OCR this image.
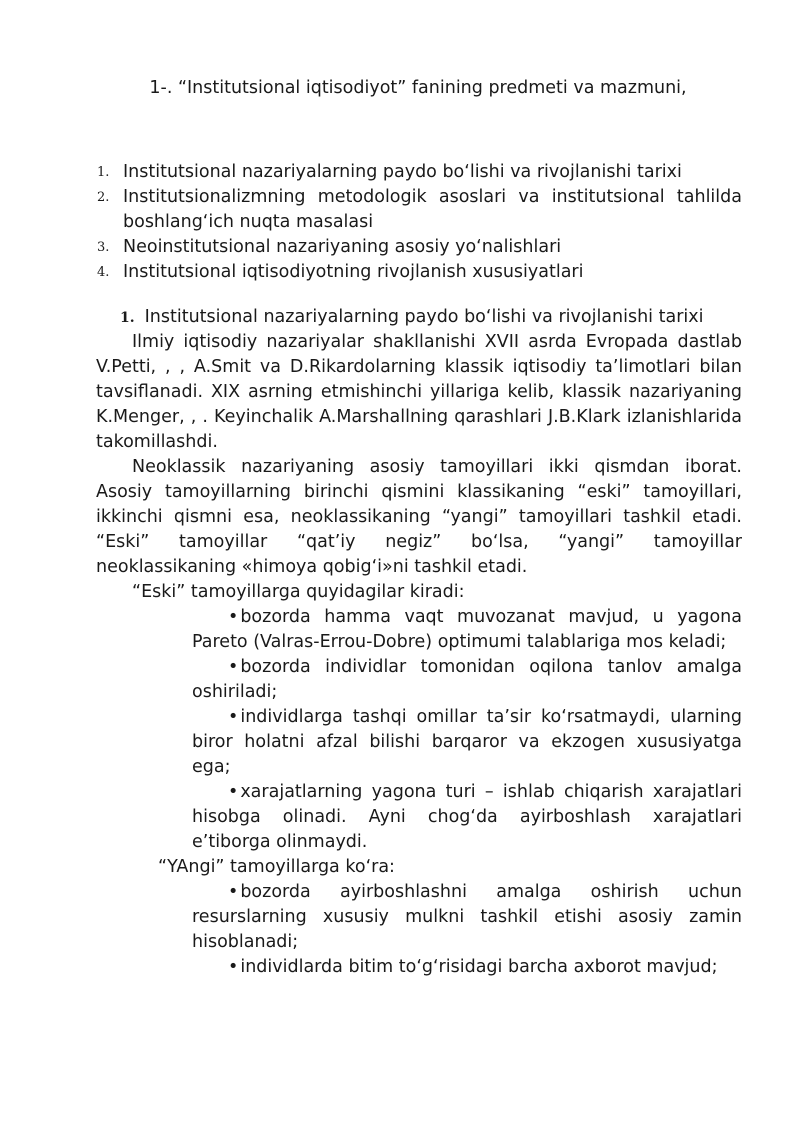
1-. “Institutsional iqtisodiyot” fanining predmeti va mazmuni,
1. Institutsional nazariyalarning paydo bo‘lishi va rivojlanishi tarixi
2. Institutsionalizmning metodologik asoslari va institutsional tahlilda boshlang‘ich nuqta masalasi
3. Neoinstitutsional nazariyaning asosiy yo‘nalishlari
4. Institutsional iqtisodiyotning rivojlanish xususiyatlari
1. Institutsional nazariyalarning paydo bo‘lishi va rivojlanishi tarixi

Ilmiy iqtisodiy nazariyalar shakllanishi XVII asrda Evropada dastlab V.Petti, , , A.Smit va D.Rikardolarning klassik iqtisodiy ta’limotlari bilan tavsiflanadi. XIX asrning etmishinchi yillariga kelib, klassik nazariyaning K.Menger, , . Keyinchalik A.Marshallning qarashlari J.B.Klark izlanishlarida takomillashdi.

Neoklassik nazariyaning asosiy tamoyillari ikki qismdan iborat. Asosiy tamoyillarning birinchi qismini klassikaning “eski” tamoyillari, ikkinchi qismni esa, neoklassikaning “yangi” tamoyillari tashkil etadi. “Eski” tamoyillar “qat’iy negiz” bo‘lsa, “yangi” tamoyillar neoklassikaning «himoya qobig‘i»ni tashkil etadi.

“Eski” tamoyillarga quyidagilar kiradi:

• bozorda hamma vaqt muvozanat mavjud, u yagona Pareto (Valras-Errou-Dobre) optimumi talablariga mos keladi;

• bozorda individlar tomonidan oqilona tanlov amalga oshiriladi;

• individlarga tashqi omillar ta’sir ko‘rsatmaydi, ularning biror holatni afzal bilishi barqaror va ekzogen xususiyatga ega;

• xarajatlarning yagona turi – ishlab chiqarish xarajatlari hisobga olinadi. Ayni chog‘da ayirboshlash xarajatlari e’tiborga olinmaydi.

“YAngi” tamoyillarga ko‘ra:

• bozorda ayirboshlashni amalga oshirish uchun resurslarning xususiy mulkni tashkil etishi asosiy zamin hisoblanadi;

• individlarda bitim to‘g‘risidagi barcha axborot mavjud;
